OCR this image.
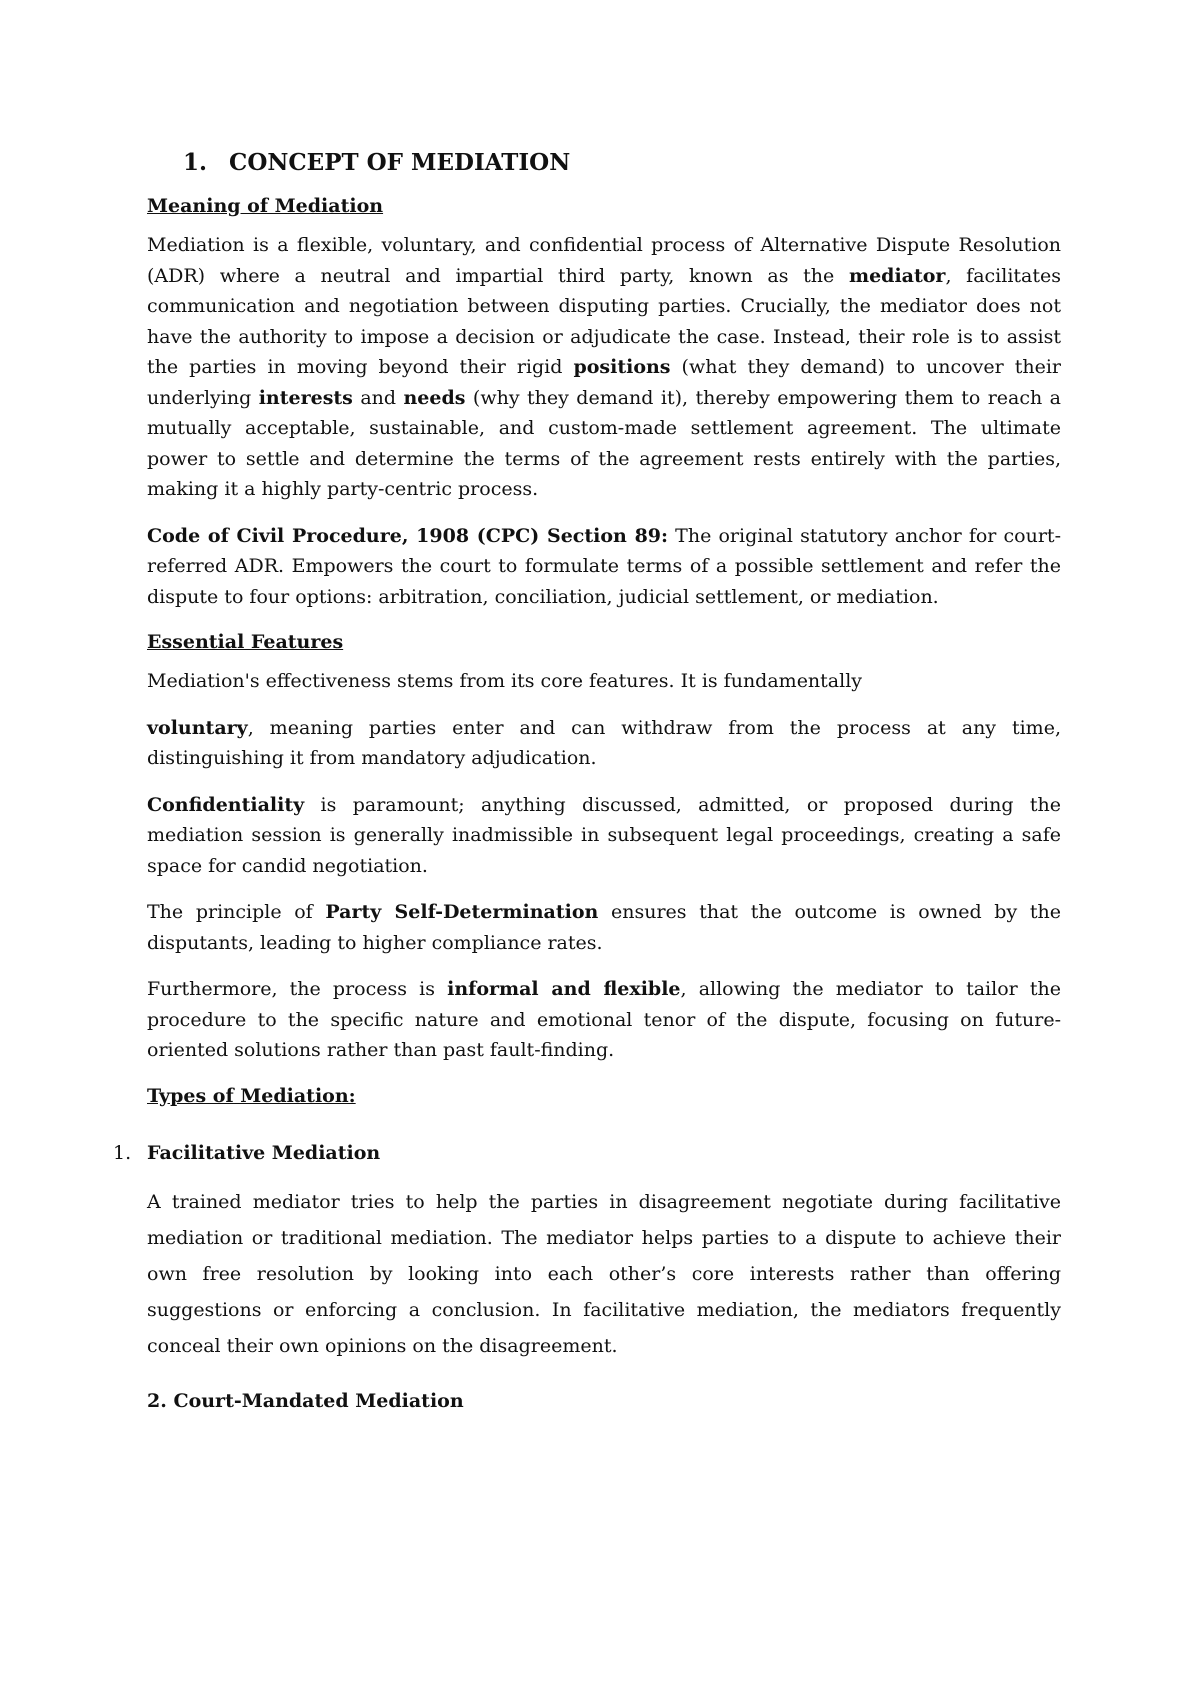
1. CONCEPT OF MEDIATION
Meaning of Mediation

Mediation is a flexible, voluntary, and confidential process of Alternative Dispute Resolution (ADR) where a neutral and impartial third party, known as the mediator, facilitates communication and negotiation between disputing parties. Crucially, the mediator does not have the authority to impose a decision or adjudicate the case. Instead, their role is to assist the parties in moving beyond their rigid positions (what they demand) to uncover their underlying interests and needs (why they demand it), thereby empowering them to reach a mutually acceptable, sustainable, and custom-made settlement agreement. The ultimate power to settle and determine the terms of the agreement rests entirely with the parties, making it a highly party-centric process.

Code of Civil Procedure, 1908 (CPC) Section 89: The original statutory anchor for court-referred ADR. Empowers the court to formulate terms of a possible settlement and refer the dispute to four options: arbitration, conciliation, judicial settlement, or mediation.

Essential Features

Mediation's effectiveness stems from its core features. It is fundamentally

voluntary, meaning parties enter and can withdraw from the process at any time, distinguishing it from mandatory adjudication.

Confidentiality is paramount; anything discussed, admitted, or proposed during the mediation session is generally inadmissible in subsequent legal proceedings, creating a safe space for candid negotiation.

The principle of Party Self-Determination ensures that the outcome is owned by the disputants, leading to higher compliance rates.

Furthermore, the process is informal and flexible, allowing the mediator to tailor the procedure to the specific nature and emotional tenor of the dispute, focusing on future-oriented solutions rather than past fault-finding.

Types of Mediation:
1. Facilitative Mediation

A trained mediator tries to help the parties in disagreement negotiate during facilitative mediation or traditional mediation. The mediator helps parties to a dispute to achieve their own free resolution by looking into each other’s core interests rather than offering suggestions or enforcing a conclusion. In facilitative mediation, the mediators frequently conceal their own opinions on the disagreement.

2. Court-Mandated Mediation
